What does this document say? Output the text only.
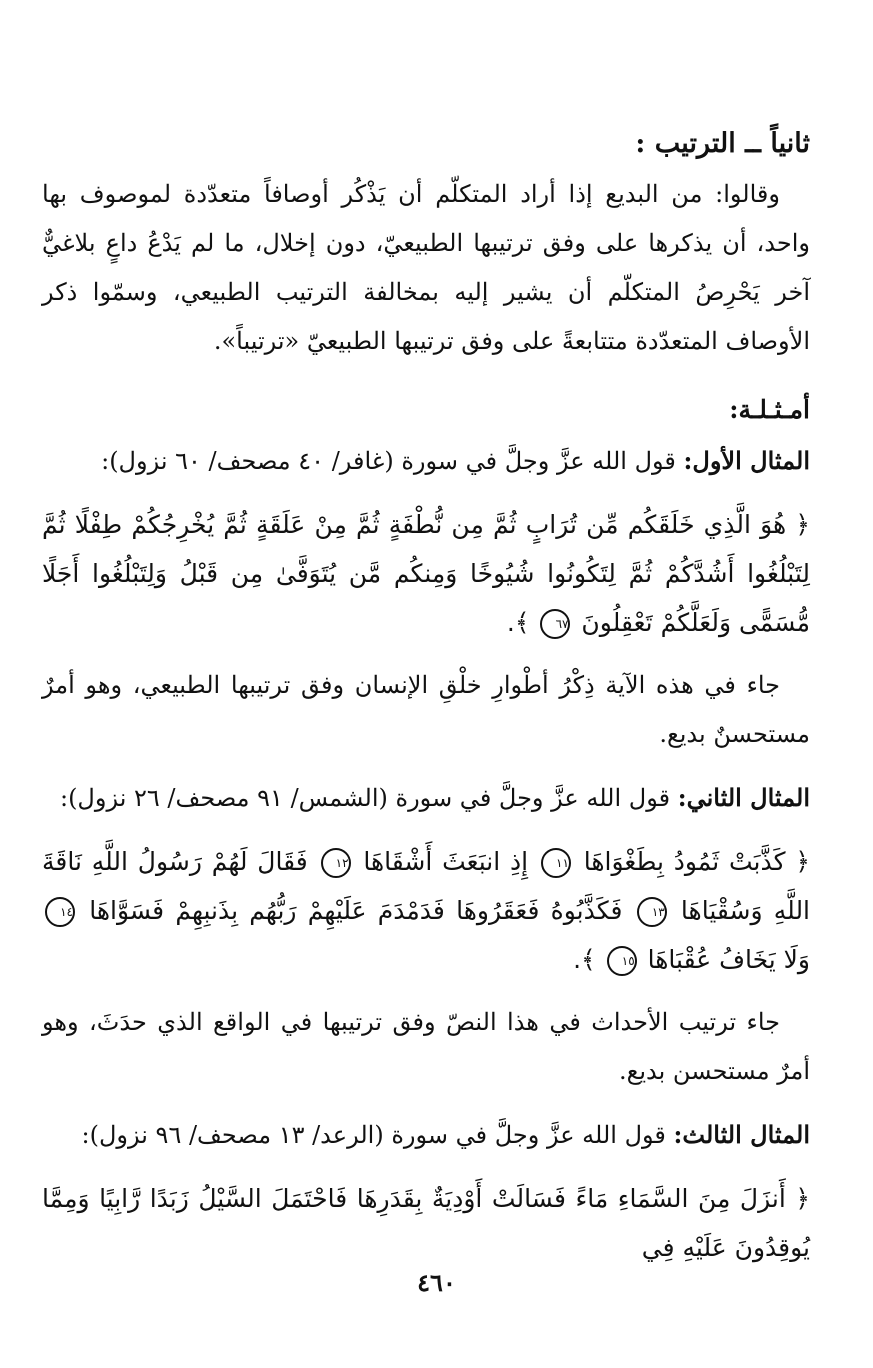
ثانياً ــ الترتيب :

وقالوا: من البديع إذا أراد المتكلّم أن يَذْكُر أوصافاً متعدّدة لموصوف بها واحد، أن يذكرها على وفق ترتيبها الطبيعيّ، دون إخلال، ما لم يَدْعُ داعٍ بلاغيٌّ آخر يَحْرِصُ المتكلّم أن يشير إليه بمخالفة الترتيب الطبيعي، وسمّوا ذكر الأوصاف المتعدّدة متتابعةً على وفق ترتيبها الطبيعيّ «ترتيباً».

أمـثـلـة:

المثال الأول: قول الله عزَّ وجلَّ في سورة (غافر/ ٤٠ مصحف/ ٦٠ نزول):

﴿ هُوَ الَّذِي خَلَقَكُم مِّن تُرَابٍ ثُمَّ مِن نُّطْفَةٍ ثُمَّ مِنْ عَلَقَةٍ ثُمَّ يُخْرِجُكُمْ طِفْلًا ثُمَّ لِتَبْلُغُوا أَشُدَّكُمْ ثُمَّ لِتَكُونُوا شُيُوخًا وَمِنكُم مَّن يُتَوَفَّىٰ مِن قَبْلُ وَلِتَبْلُغُوا أَجَلًا مُّسَمًّى وَلَعَلَّكُمْ تَعْقِلُونَ ٦٧ ﴾.

جاء في هذه الآية ذِكْرُ أطْوارِ خلْقِ الإنسان وفق ترتيبها الطبيعي، وهو أمرٌ مستحسنٌ بديع.

المثال الثاني: قول الله عزَّ وجلَّ في سورة (الشمس/ ٩١ مصحف/ ٢٦ نزول):

﴿ كَذَّبَتْ ثَمُودُ بِطَغْوَاهَا ١١ إِذِ انبَعَثَ أَشْقَاهَا ١٢ فَقَالَ لَهُمْ رَسُولُ اللَّهِ نَاقَةَ اللَّهِ وَسُقْيَاهَا ١٣ فَكَذَّبُوهُ فَعَقَرُوهَا فَدَمْدَمَ عَلَيْهِمْ رَبُّهُم بِذَنبِهِمْ فَسَوَّاهَا ١٤ وَلَا يَخَافُ عُقْبَاهَا ١٥ ﴾.

جاء ترتيب الأحداث في هذا النصّ وفق ترتيبها في الواقع الذي حدَثَ، وهو أمرٌ مستحسن بديع.

المثال الثالث: قول الله عزَّ وجلَّ في سورة (الرعد/ ١٣ مصحف/ ٩٦ نزول):

﴿ أَنزَلَ مِنَ السَّمَاءِ مَاءً فَسَالَتْ أَوْدِيَةٌ بِقَدَرِهَا فَاحْتَمَلَ السَّيْلُ زَبَدًا رَّابِيًا وَمِمَّا يُوقِدُونَ عَلَيْهِ فِي

٤٦٠
